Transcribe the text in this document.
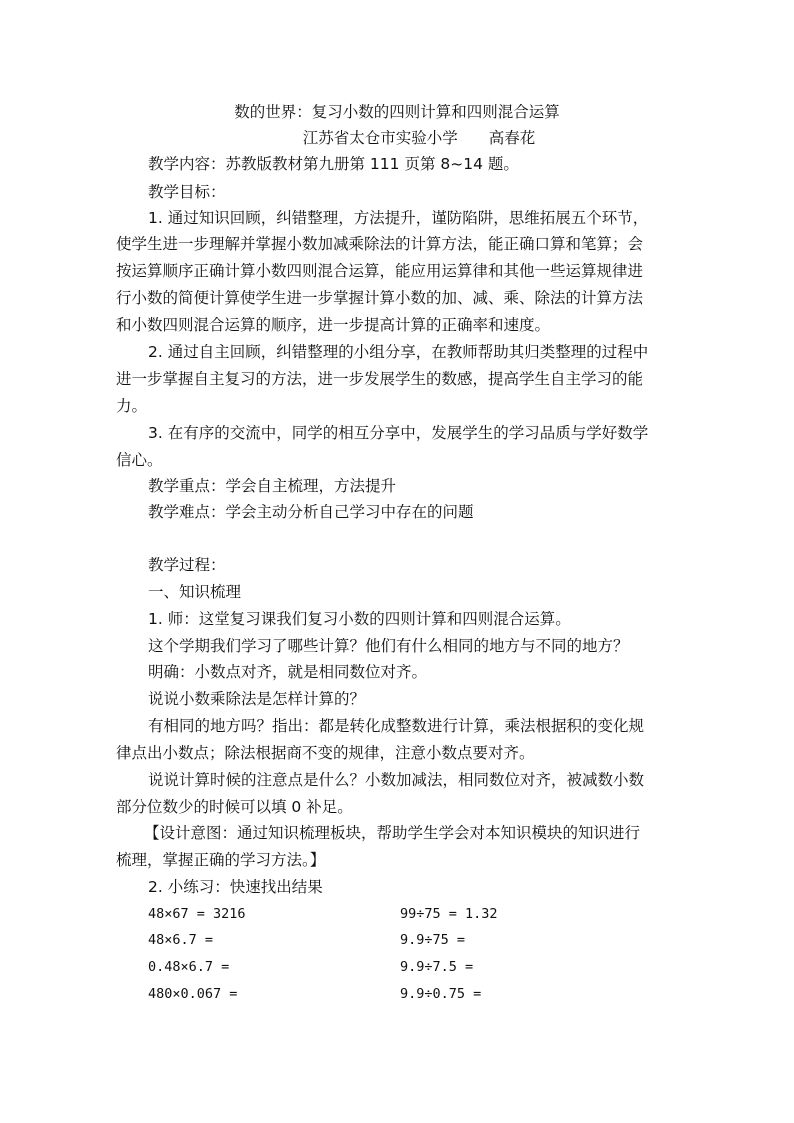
数的世界：复习小数的四则计算和四则混合运算
江苏省太仓市实验小学　　高春花
教学内容：苏教版教材第九册第 111 页第 8~14 题。
教学目标：
1. 通过知识回顾，纠错整理，方法提升，谨防陷阱，思维拓展五个环节，
使学生进一步理解并掌握小数加减乘除法的计算方法，能正确口算和笔算；会
按运算顺序正确计算小数四则混合运算，能应用运算律和其他一些运算规律进
行小数的简便计算使学生进一步掌握计算小数的加、减、乘、除法的计算方法
和小数四则混合运算的顺序，进一步提高计算的正确率和速度。
2. 通过自主回顾，纠错整理的小组分享，在教师帮助其归类整理的过程中
进一步掌握自主复习的方法，进一步发展学生的数感，提高学生自主学习的能
力。
3. 在有序的交流中，同学的相互分享中，发展学生的学习品质与学好数学
信心。
教学重点：学会自主梳理，方法提升
教学难点：学会主动分析自己学习中存在的问题
教学过程：
一、知识梳理
1. 师：这堂复习课我们复习小数的四则计算和四则混合运算。
这个学期我们学习了哪些计算？他们有什么相同的地方与不同的地方？
明确：小数点对齐，就是相同数位对齐。
说说小数乘除法是怎样计算的？
有相同的地方吗？指出：都是转化成整数进行计算，乘法根据积的变化规
律点出小数点；除法根据商不变的规律，注意小数点要对齐。
说说计算时候的注意点是什么？小数加减法，相同数位对齐，被减数小数
部分位数少的时候可以填 0 补足。
【设计意图：通过知识梳理板块，帮助学生学会对本知识模块的知识进行
梳理，掌握正确的学习方法。】
2. 小练习：快速找出结果
48×67 = 3216
48×6.7 =
0.48×6.7 =
480×0.067 =
99÷75 = 1.32
9.9÷75 =
9.9÷7.5 =
9.9÷0.75 =
